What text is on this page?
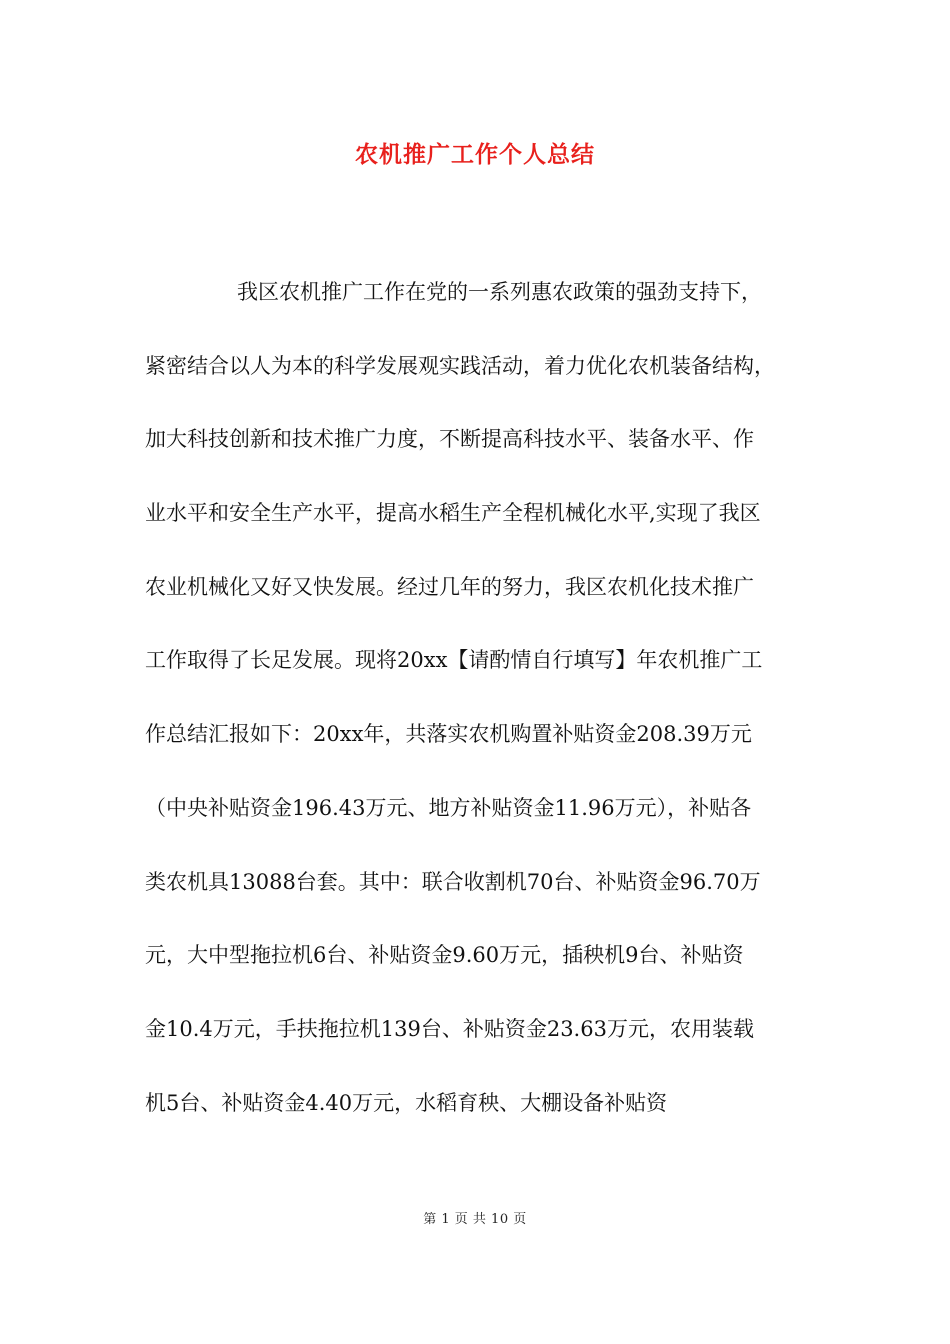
农机推广工作个人总结
我区农机推广工作在党的一系列惠农政策的强劲支持下，
紧密结合以人为本的科学发展观实践活动，着力优化农机装备结构，
加大科技创新和技术推广力度，不断提高科技水平、装备水平、作
业水平和安全生产水平，提高水稻生产全程机械化水平,实现了我区
农业机械化又好又快发展。经过几年的努力，我区农机化技术推广
工作取得了长足发展。现将20xx【请酌情自行填写】年农机推广工
作总结汇报如下：20xx年，共落实农机购置补贴资金208.39万元
（中央补贴资金196.43万元、地方补贴资金11.96万元），补贴各
类农机具13088台套。其中：联合收割机70台、补贴资金96.70万
元，大中型拖拉机6台、补贴资金9.60万元，插秧机9台、补贴资
金10.4万元，手扶拖拉机139台、补贴资金23.63万元，农用装载
机5台、补贴资金4.40万元，水稻育秧、大棚设备补贴资
第 1 页 共 10 页
